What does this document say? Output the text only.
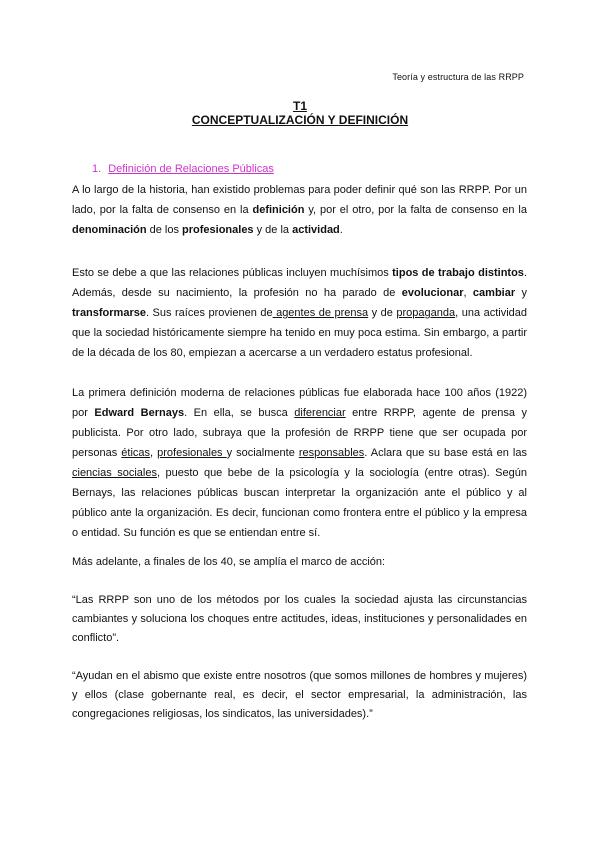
Teoría y estructura de las RRPP
T1
CONCEPTUALIZACIÓN Y DEFINICIÓN
1. Definición de Relaciones Públicas

A lo largo de la historia, han existido problemas para poder definir qué son las RRPP. Por un lado, por la falta de consenso en la definición y, por el otro, por la falta de consenso en la denominación de los profesionales y de la actividad.

Esto se debe a que las relaciones públicas incluyen muchísimos tipos de trabajo distintos. Además, desde su nacimiento, la profesión no ha parado de evolucionar, cambiar y transformarse. Sus raíces provienen de agentes de prensa y de propaganda, una actividad que la sociedad históricamente siempre ha tenido en muy poca estima. Sin embargo, a partir de la década de los 80, empiezan a acercarse a un verdadero estatus profesional.

La primera definición moderna de relaciones públicas fue elaborada hace 100 años (1922) por Edward Bernays. En ella, se busca diferenciar entre RRPP, agente de prensa y publicista. Por otro lado, subraya que la profesión de RRPP tiene que ser ocupada por personas éticas, profesionales y socialmente responsables. Aclara que su base está en las ciencias sociales, puesto que bebe de la psicología y la sociología (entre otras). Según Bernays, las relaciones públicas buscan interpretar la organización ante el público y al público ante la organización. Es decir, funcionan como frontera entre el público y la empresa o entidad. Su función es que se entiendan entre sí.

Más adelante, a finales de los 40, se amplía el marco de acción:

“Las RRPP son uno de los métodos por los cuales la sociedad ajusta las circunstancias cambiantes y soluciona los choques entre actitudes, ideas, instituciones y personalidades en conflicto”.

“Ayudan en el abismo que existe entre nosotros (que somos millones de hombres y mujeres) y ellos (clase gobernante real, es decir, el sector empresarial, la administración, las congregaciones religiosas, los sindicatos, las universidades).”
